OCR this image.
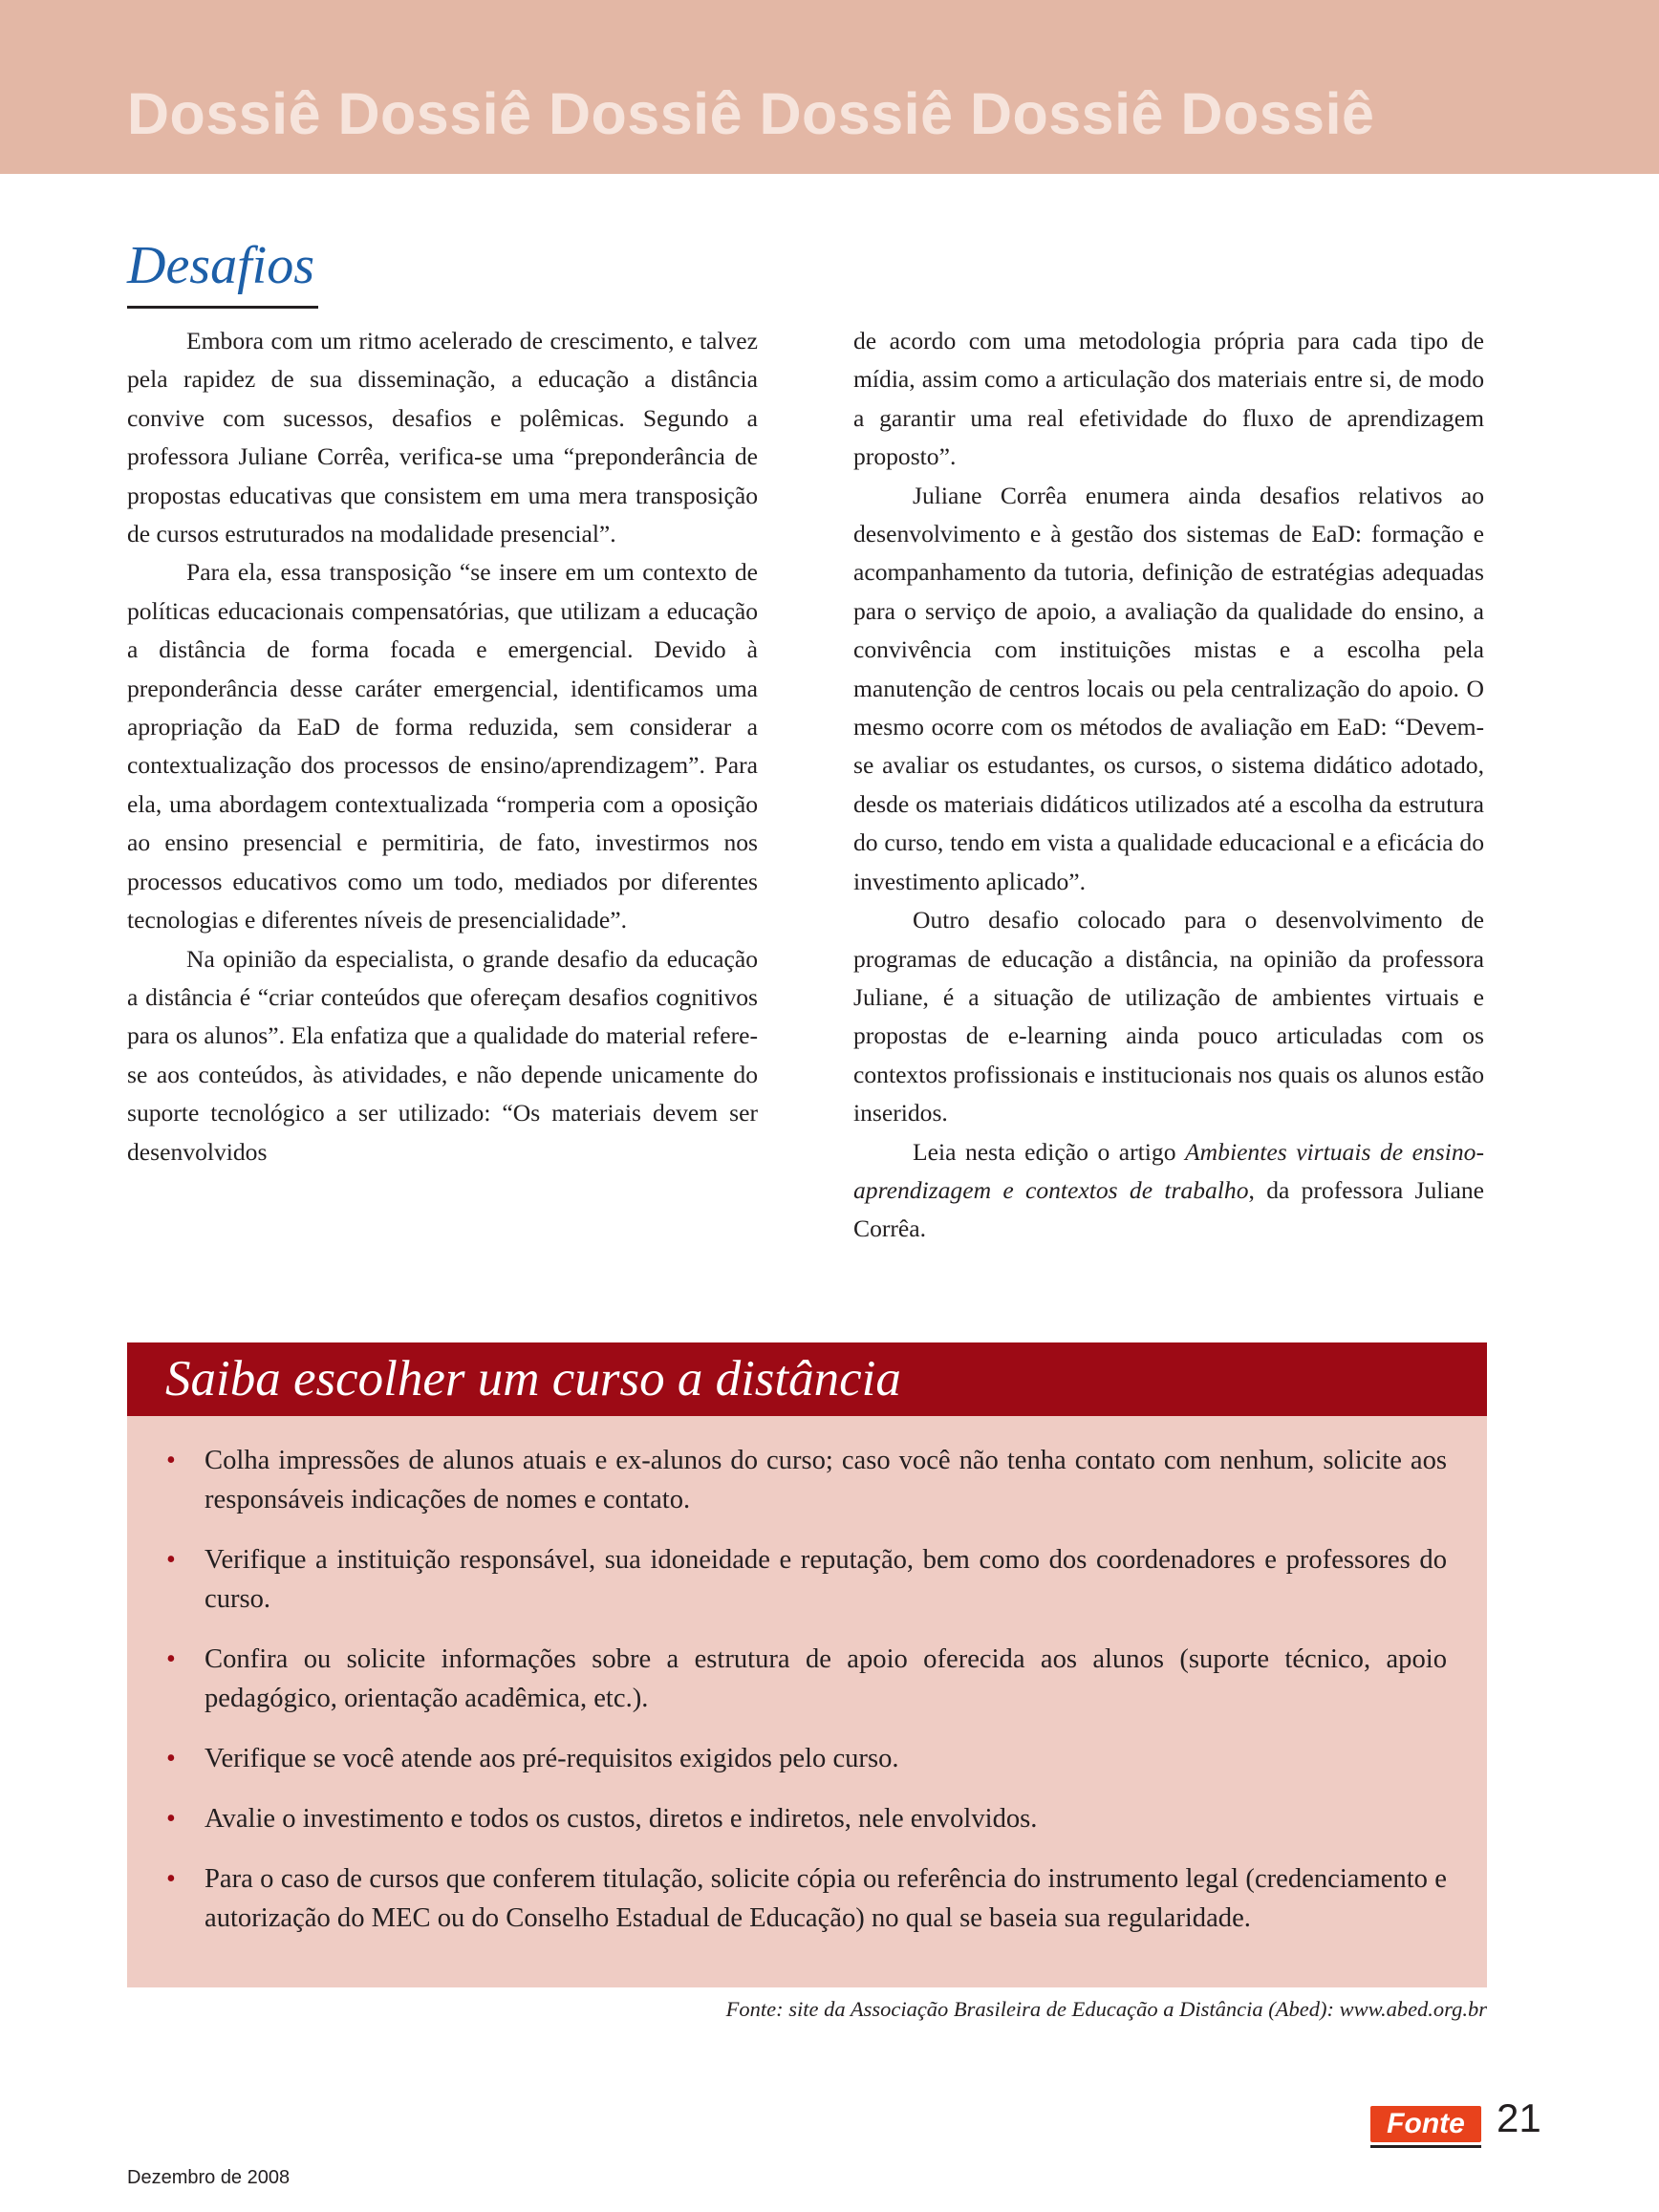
Dossiê Dossiê Dossiê Dossiê Dossiê Dossiê
Desafios

Embora com um ritmo acelerado de crescimento, e talvez pela rapidez de sua disseminação, a educação a distância convive com sucessos, desafios e polêmicas. Segundo a professora Juliane Corrêa, verifica-se uma “preponderância de propostas educativas que consistem em uma mera transposição de cursos estruturados na modalidade presencial”.

Para ela, essa transposição “se insere em um contexto de políticas educacionais compensatórias, que utilizam a educação a distância de forma focada e emergencial. Devido à preponderância desse caráter emergencial, identificamos uma apropriação da EaD de forma reduzida, sem considerar a contextualização dos processos de ensino/aprendizagem”. Para ela, uma abordagem contextualizada “romperia com a oposição ao ensino presencial e permitiria, de fato, investirmos nos processos educativos como um todo, mediados por diferentes tecnologias e diferentes níveis de presencialidade”.

Na opinião da especialista, o grande desafio da educação a distância é “criar conteúdos que ofereçam desafios cognitivos para os alunos”. Ela enfatiza que a qualidade do material refere-se aos conteúdos, às atividades, e não depende unicamente do suporte tecnológico a ser utilizado: “Os materiais devem ser desenvolvidos

de acordo com uma metodologia própria para cada tipo de mídia, assim como a articulação dos materiais entre si, de modo a garantir uma real efetividade do fluxo de aprendizagem proposto”.

Juliane Corrêa enumera ainda desafios relativos ao desenvolvimento e à gestão dos sistemas de EaD: formação e acompanhamento da tutoria, definição de estratégias adequadas para o serviço de apoio, a avaliação da qualidade do ensino, a convivência com instituições mistas e a escolha pela manutenção de centros locais ou pela centralização do apoio. O mesmo ocorre com os métodos de avaliação em EaD: “Devem-se avaliar os estudantes, os cursos, o sistema didático adotado, desde os materiais didáticos utilizados até a escolha da estrutura do curso, tendo em vista a qualidade educacional e a eficácia do investimento aplicado”.

Outro desafio colocado para o desenvolvimento de programas de educação a distância, na opinião da professora Juliane, é a situação de utilização de ambientes virtuais e propostas de e-learning ainda pouco articuladas com os contextos profissionais e institucionais nos quais os alunos estão inseridos.

Leia nesta edição o artigo Ambientes virtuais de ensino-aprendizagem e contextos de trabalho, da professora Juliane Corrêa.

Saiba escolher um curso a distância
• Colha impressões de alunos atuais e ex-alunos do curso; caso você não tenha contato com nenhum, solicite aos responsáveis indicações de nomes e contato.
• Verifique a instituição responsável, sua idoneidade e reputação, bem como dos coordenadores e professores do curso.
• Confira ou solicite informações sobre a estrutura de apoio oferecida aos alunos (suporte técnico, apoio pedagógico, orientação acadêmica, etc.).
• Verifique se você atende aos pré-requisitos exigidos pelo curso.
• Avalie o investimento e todos os custos, diretos e indiretos, nele envolvidos.
• Para o caso de cursos que conferem titulação, solicite cópia ou referência do instrumento legal (credenciamento e autorização do MEC ou do Conselho Estadual de Educação) no qual se baseia sua regularidade.
Fonte: site da Associação Brasileira de Educação a Distância (Abed): www.abed.org.br
Dezembro de 2008
Fonte 21
